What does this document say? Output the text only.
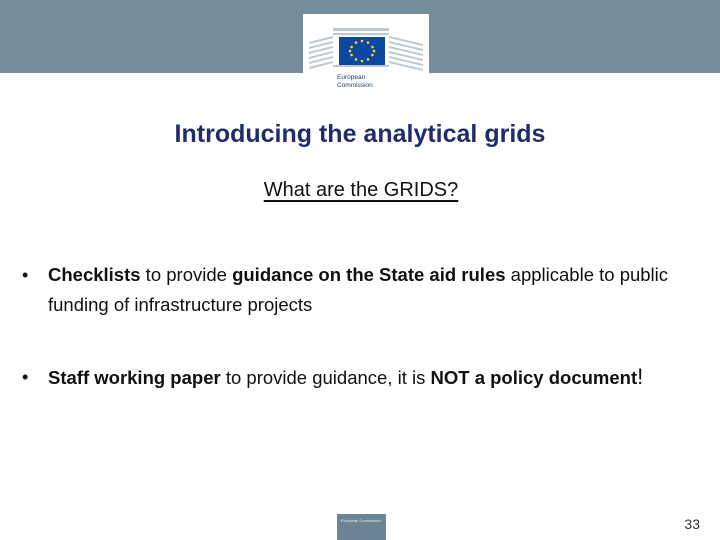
European
Commission
Introducing the analytical grids
What are the GRIDS?
• Checklists to provide guidance on the State aid rules applicable to public funding of infrastructure projects
• Staff working paper to provide guidance, it is NOT a policy document!
European Commission	33
